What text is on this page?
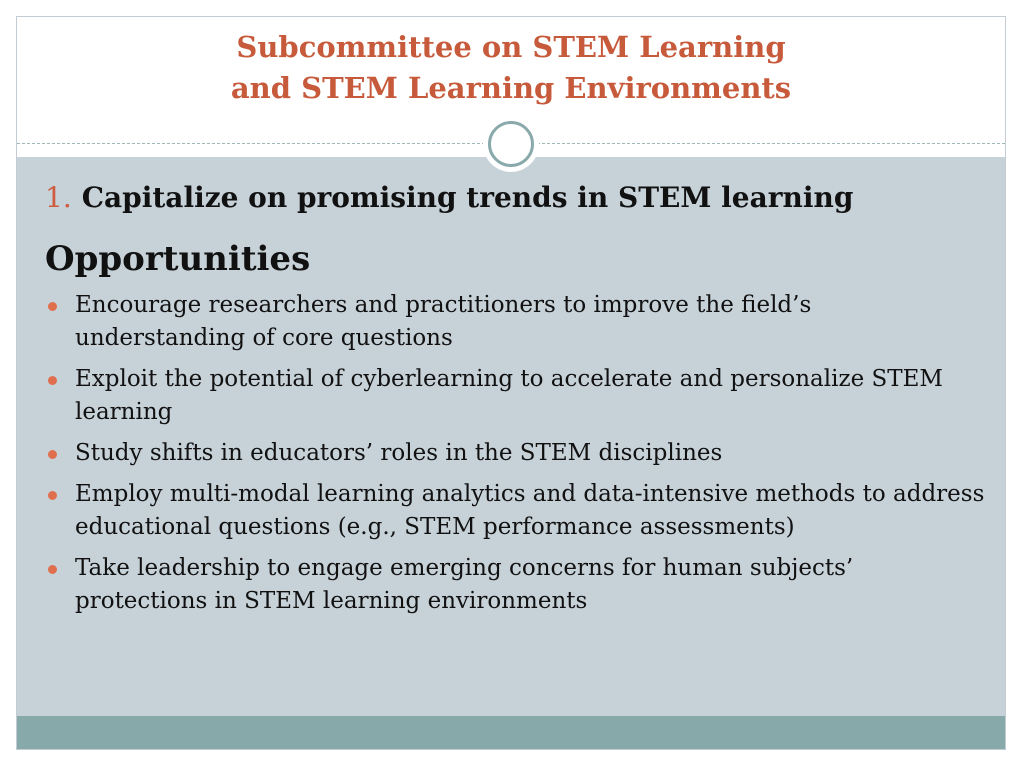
Subcommittee on STEM Learning
and STEM Learning Environments
1. Capitalize on promising trends in STEM learning
Opportunities
Encourage researchers and practitioners to improve the field’s understanding of core questions
Exploit the potential of cyberlearning to accelerate and personalize STEM learning
Study shifts in educators’ roles in the STEM disciplines
Employ multi-modal learning analytics and data-intensive methods to address educational questions (e.g., STEM performance assessments)
Take leadership to engage emerging concerns for human subjects’ protections in STEM learning environments
